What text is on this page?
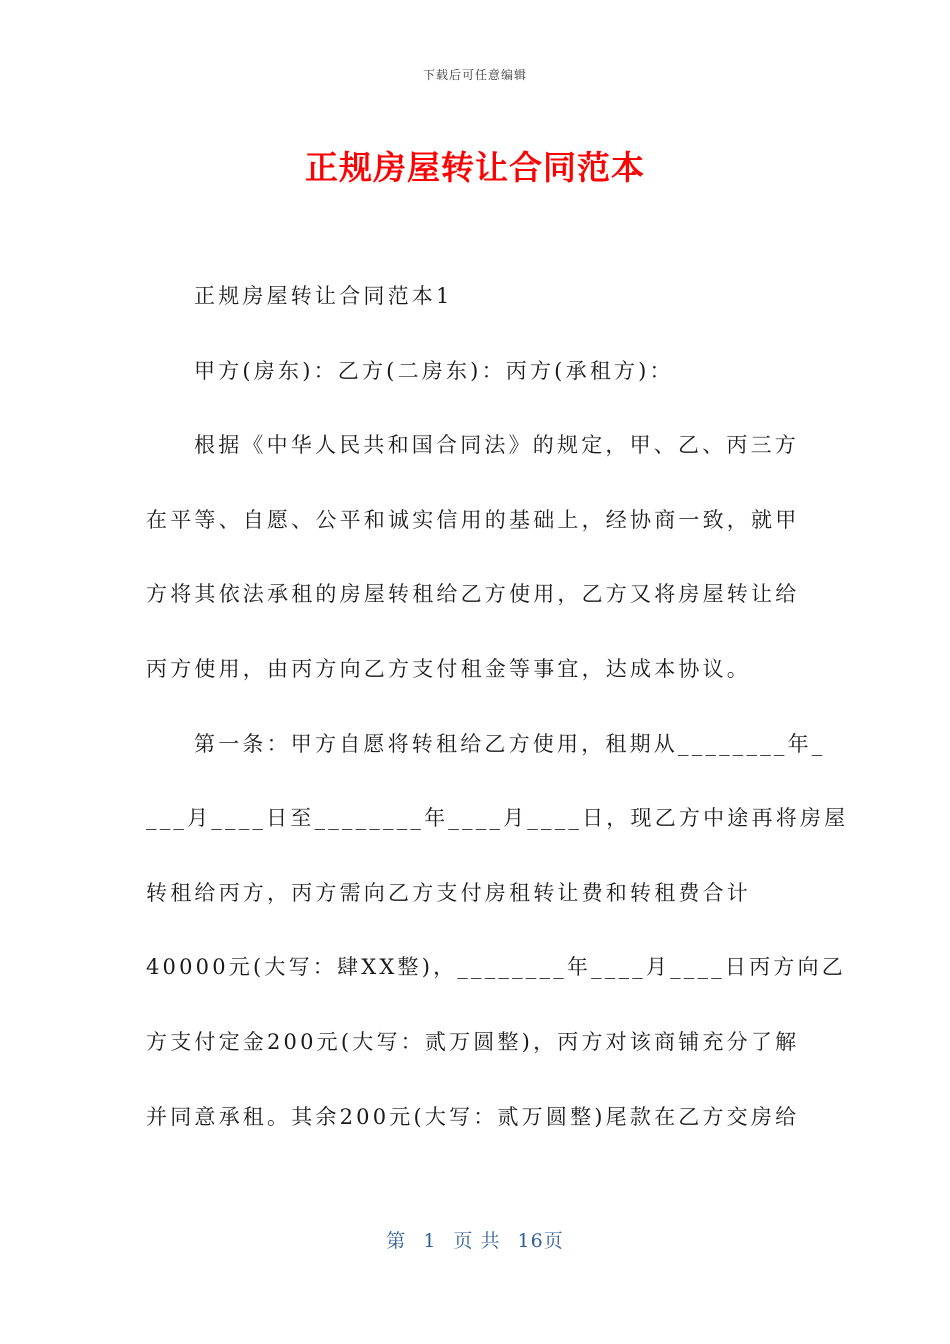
下载后可任意编辑
正规房屋转让合同范本
正规房屋转让合同范本1
甲方(房东)：乙方(二房东)：丙方(承租方)：
根据《中华人民共和国合同法》的规定，甲、乙、丙三方
在平等、自愿、公平和诚实信用的基础上，经协商一致，就甲
方将其依法承租的房屋转租给乙方使用，乙方又将房屋转让给
丙方使用，由丙方向乙方支付租金等事宜，达成本协议。
第一条：甲方自愿将转租给乙方使用，租期从________年_
___月____日至________年____月____日，现乙方中途再将房屋
转租给丙方，丙方需向乙方支付房租转让费和转租费合计
40000元(大写：肆XX整)，________年____月____日丙方向乙
方支付定金200元(大写：贰万圆整)，丙方对该商铺充分了解
并同意承租。其余200元(大写：贰万圆整)尾款在乙方交房给
第 1 页 共 16页
